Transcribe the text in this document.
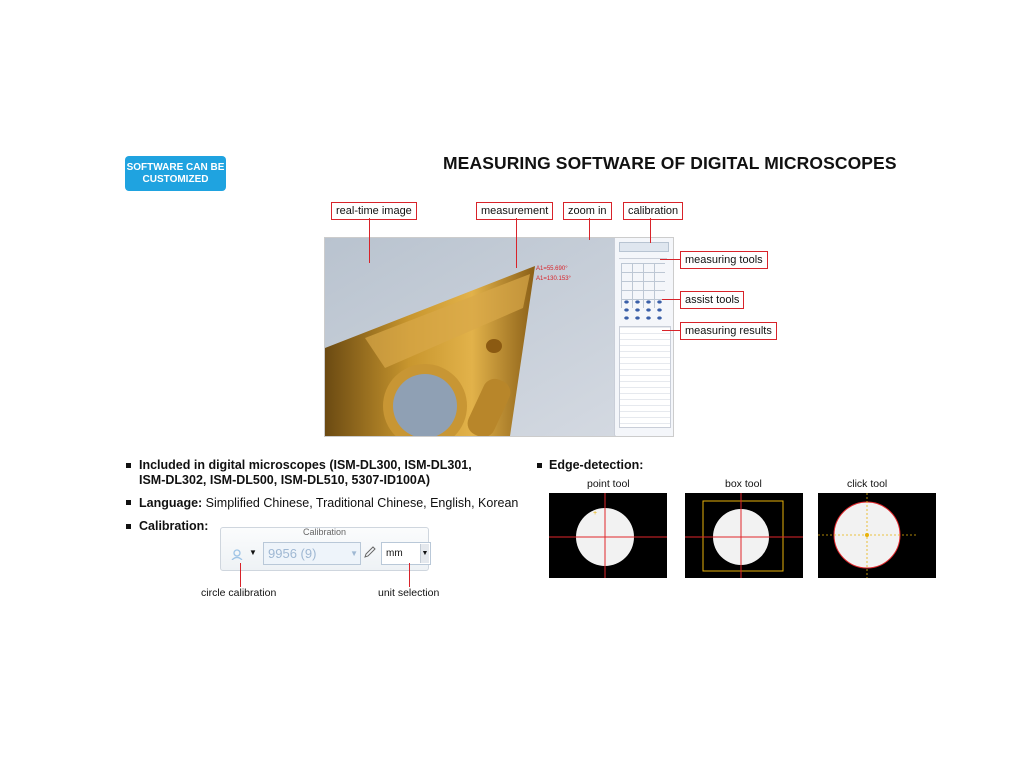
SOFTWARE CAN BE
CUSTOMIZED
MEASURING SOFTWARE OF DIGITAL MICROSCOPES
A1=55.690°
A1=130.153°
real-time image	measurement	zoom in	calibration
measuring tools
assist tools
measuring results
Included in digital microscopes (ISM-DL300, ISM-DL301,
ISM-DL302, ISM-DL500, ISM-DL510, 5307-ID100A)
Language: Simplified Chinese, Traditional Chinese, English, Korean
Calibration:	Calibration
▼ 9956 (9)	▼	mm	▼
circle calibration	unit selection
Edge-detection:
point tool	box tool	click tool
+
